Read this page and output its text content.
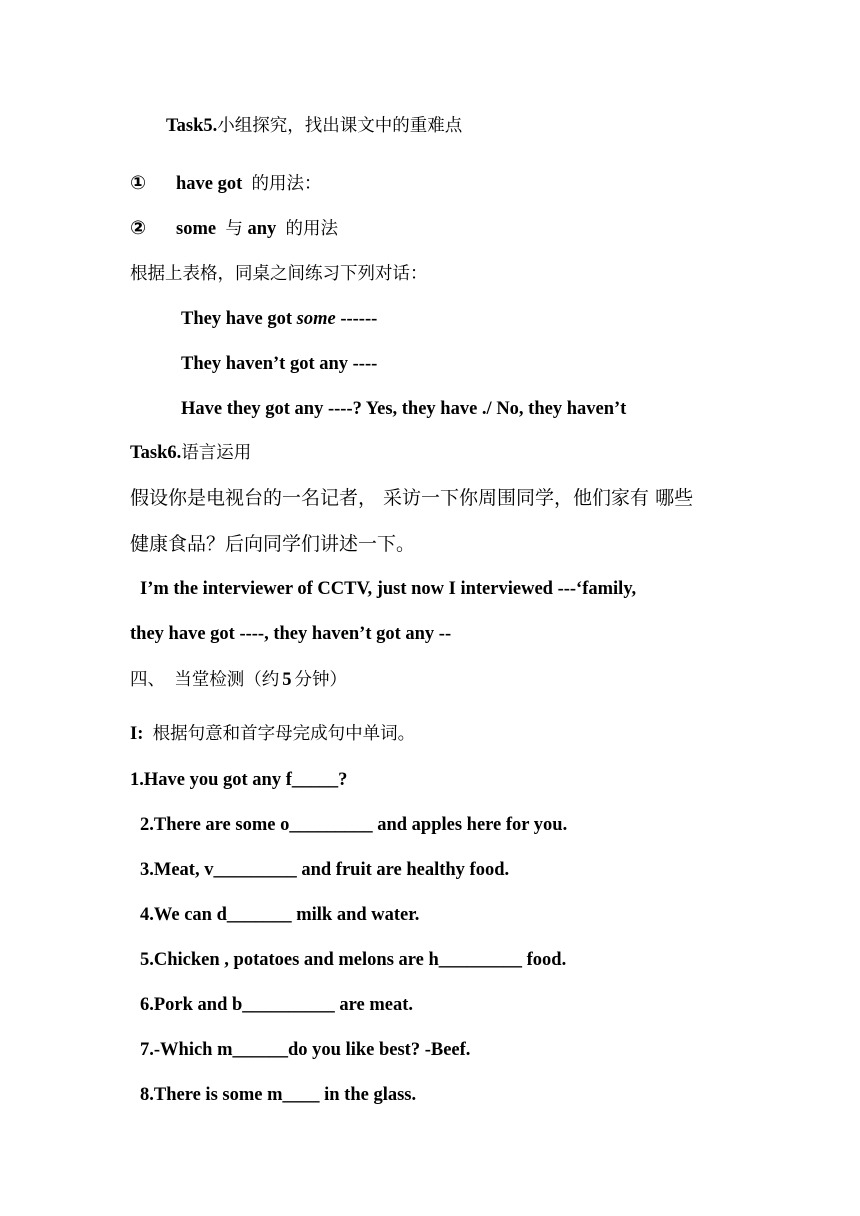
Task5.小组探究，找出课文中的重难点
① have got 的用法：
② some 与 any 的用法
根据上表格，同桌之间练习下列对话：
They have got some ------
They haven’t got any ----
Have they got any ----? Yes, they have ./ No, they haven’t
Task6.语言运用
假设你是电视台的一名记者， 采访一下你周围同学，他们家有 哪些
健康食品？后向同学们讲述一下。
I’m the interviewer of CCTV, just now I interviewed ---‘family,
they have got ----, they haven’t got any --
四、 当堂检测（约 5 分钟）
I: 根据句意和首字母完成句中单词。
1.Have you got any f_____?
2.There are some o_________ and apples here for you.
3.Meat, v_________ and fruit are healthy food.
4.We can d_______ milk and water.
5.Chicken , potatoes and melons are h_________ food.
6.Pork and b__________ are meat.
7.-Which m______do you like best? -Beef.
8.There is some m____ in the glass.
